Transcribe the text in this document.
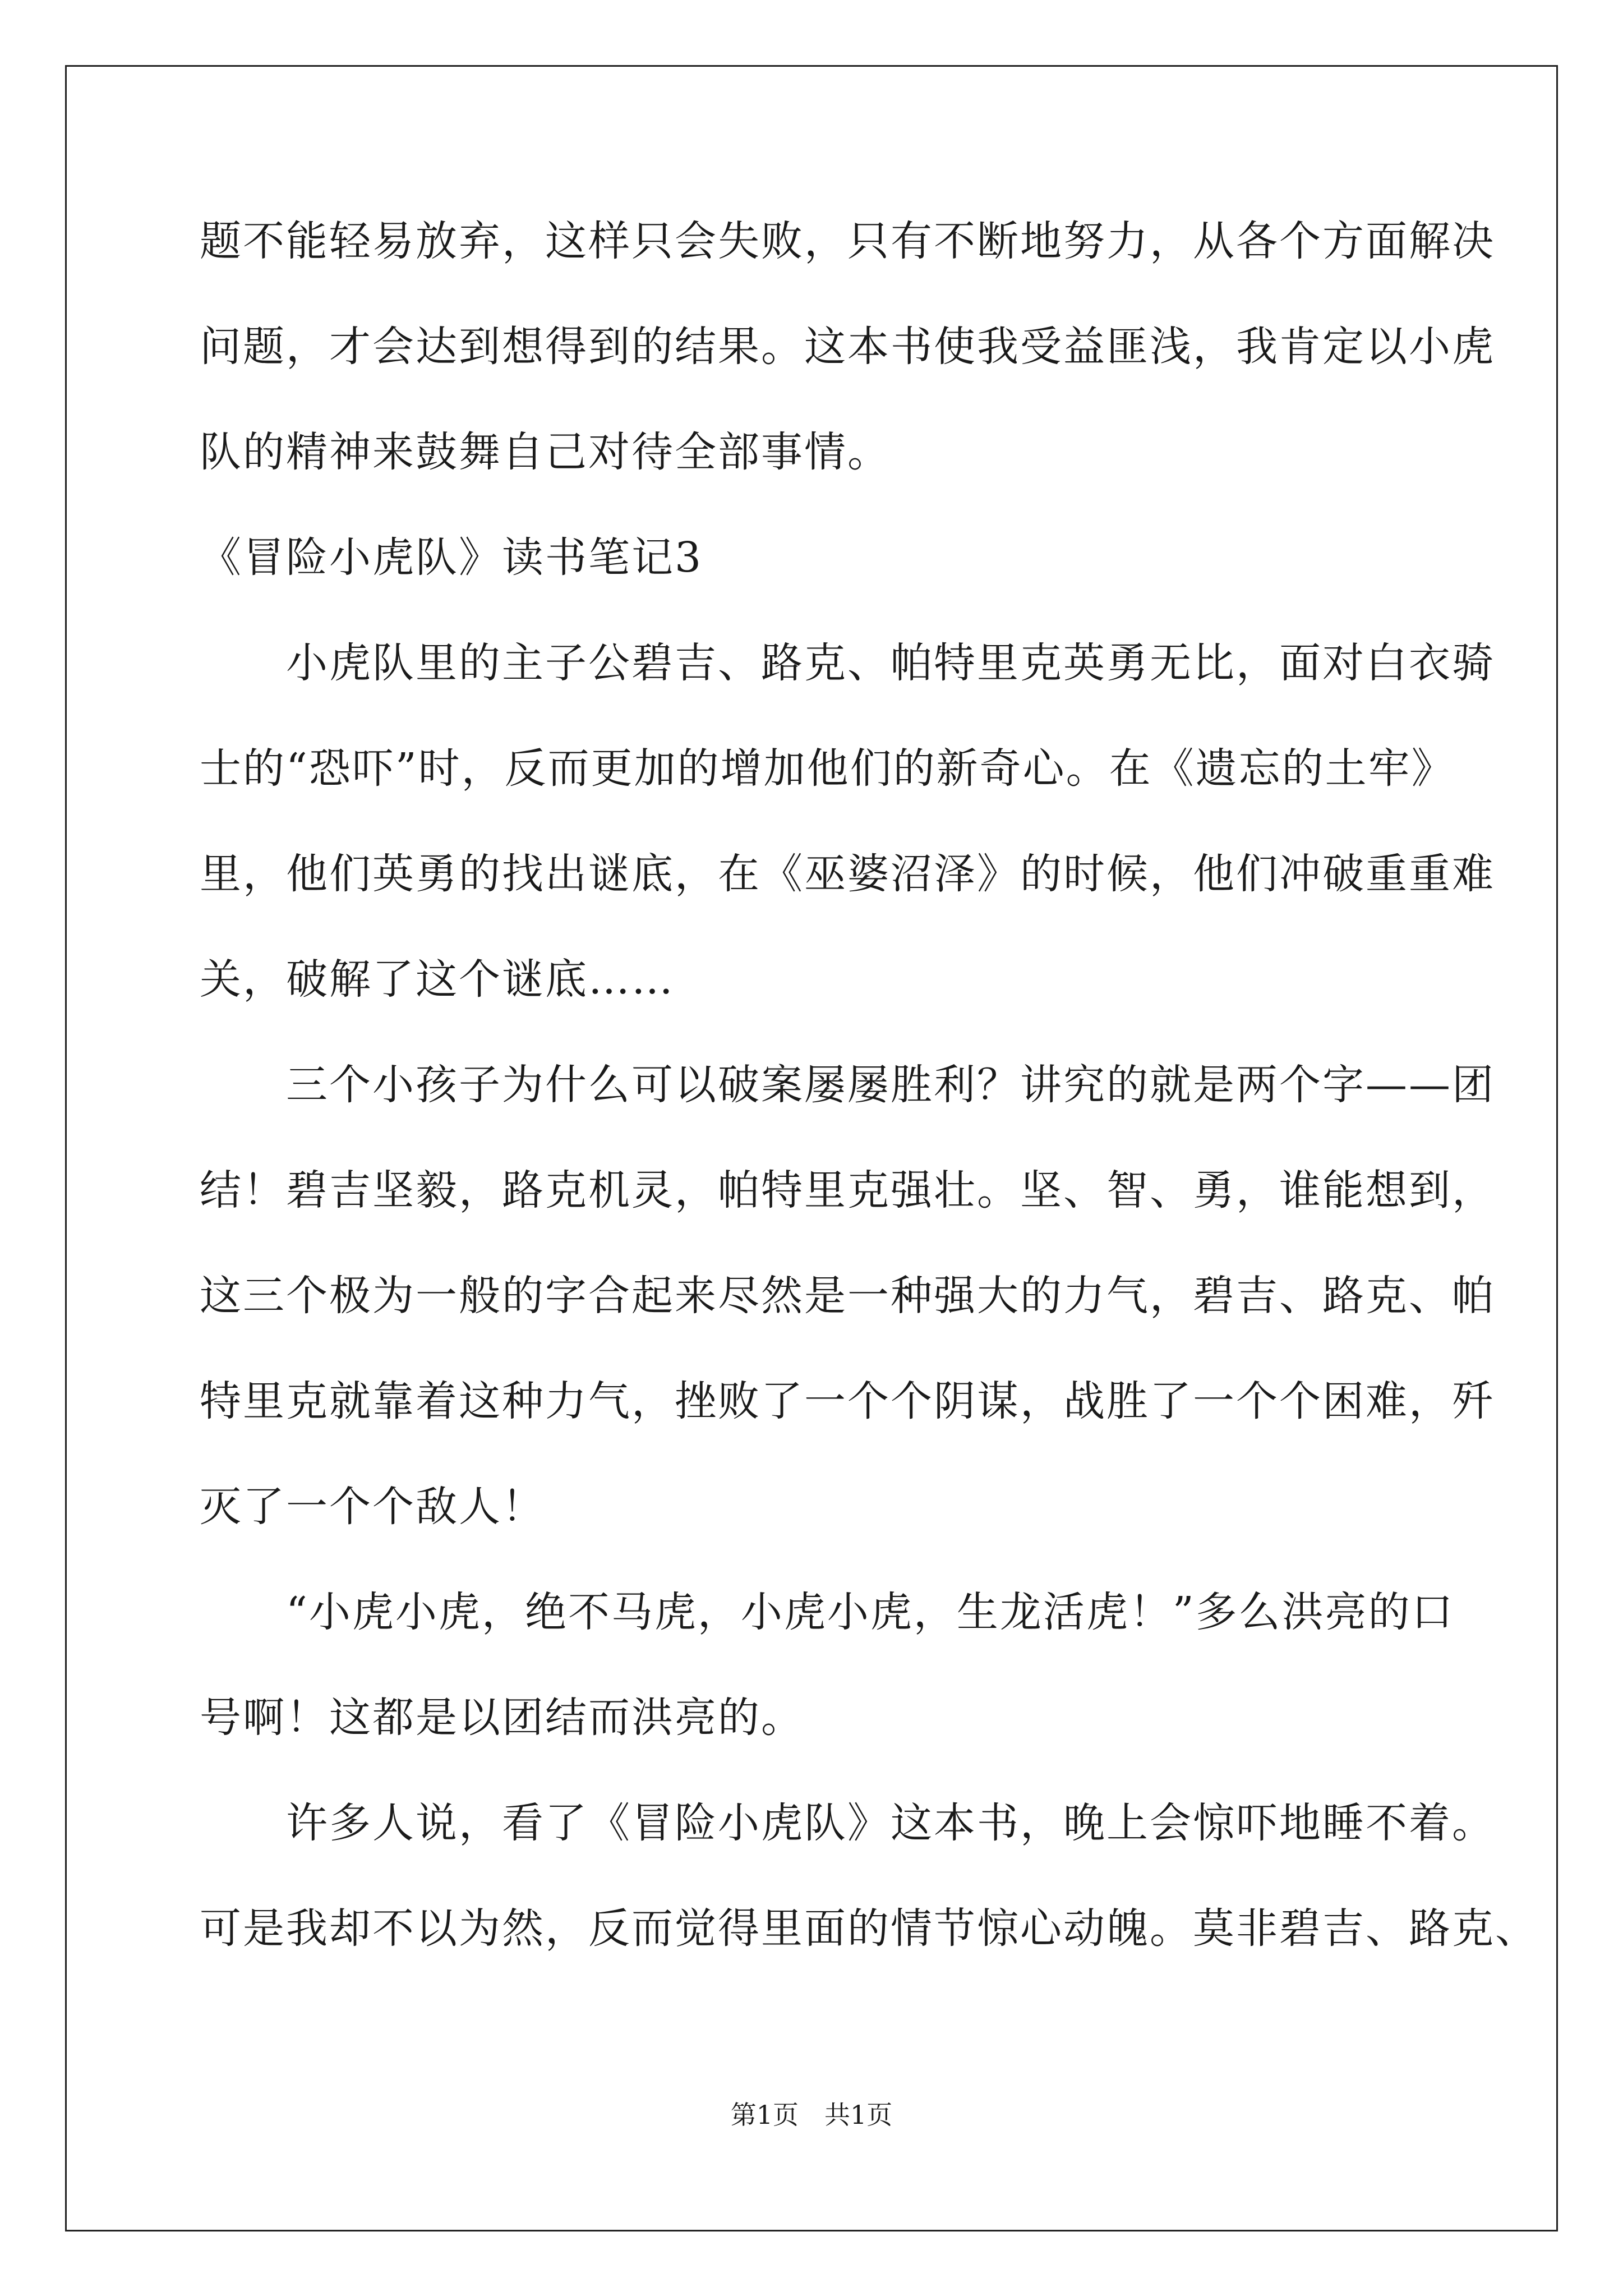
题不能轻易放弃，这样只会失败，只有不断地努力，从各个方面解决
问题，才会达到想得到的结果。这本书使我受益匪浅，我肯定以小虎
队的精神来鼓舞自己对待全部事情。
《冒险小虎队》读书笔记3
　　小虎队里的主子公碧吉、路克、帕特里克英勇无比，面对白衣骑
士的“恐吓”时，反而更加的增加他们的新奇心。在《遗忘的土牢》
里，他们英勇的找出谜底，在《巫婆沼泽》的时候，他们冲破重重难
关，破解了这个谜底……
　　三个小孩子为什么可以破案屡屡胜利？讲究的就是两个字——团
结！碧吉坚毅，路克机灵，帕特里克强壮。坚、智、勇，谁能想到，
这三个极为一般的字合起来尽然是一种强大的力气，碧吉、路克、帕
特里克就靠着这种力气，挫败了一个个阴谋，战胜了一个个困难，歼
灭了一个个敌人！
　　“小虎小虎，绝不马虎，小虎小虎，生龙活虎！”多么洪亮的口
号啊！这都是以团结而洪亮的。
　　许多人说，看了《冒险小虎队》这本书，晚上会惊吓地睡不着。
可是我却不以为然，反而觉得里面的情节惊心动魄。莫非碧吉、路克、
第1页　共1页
